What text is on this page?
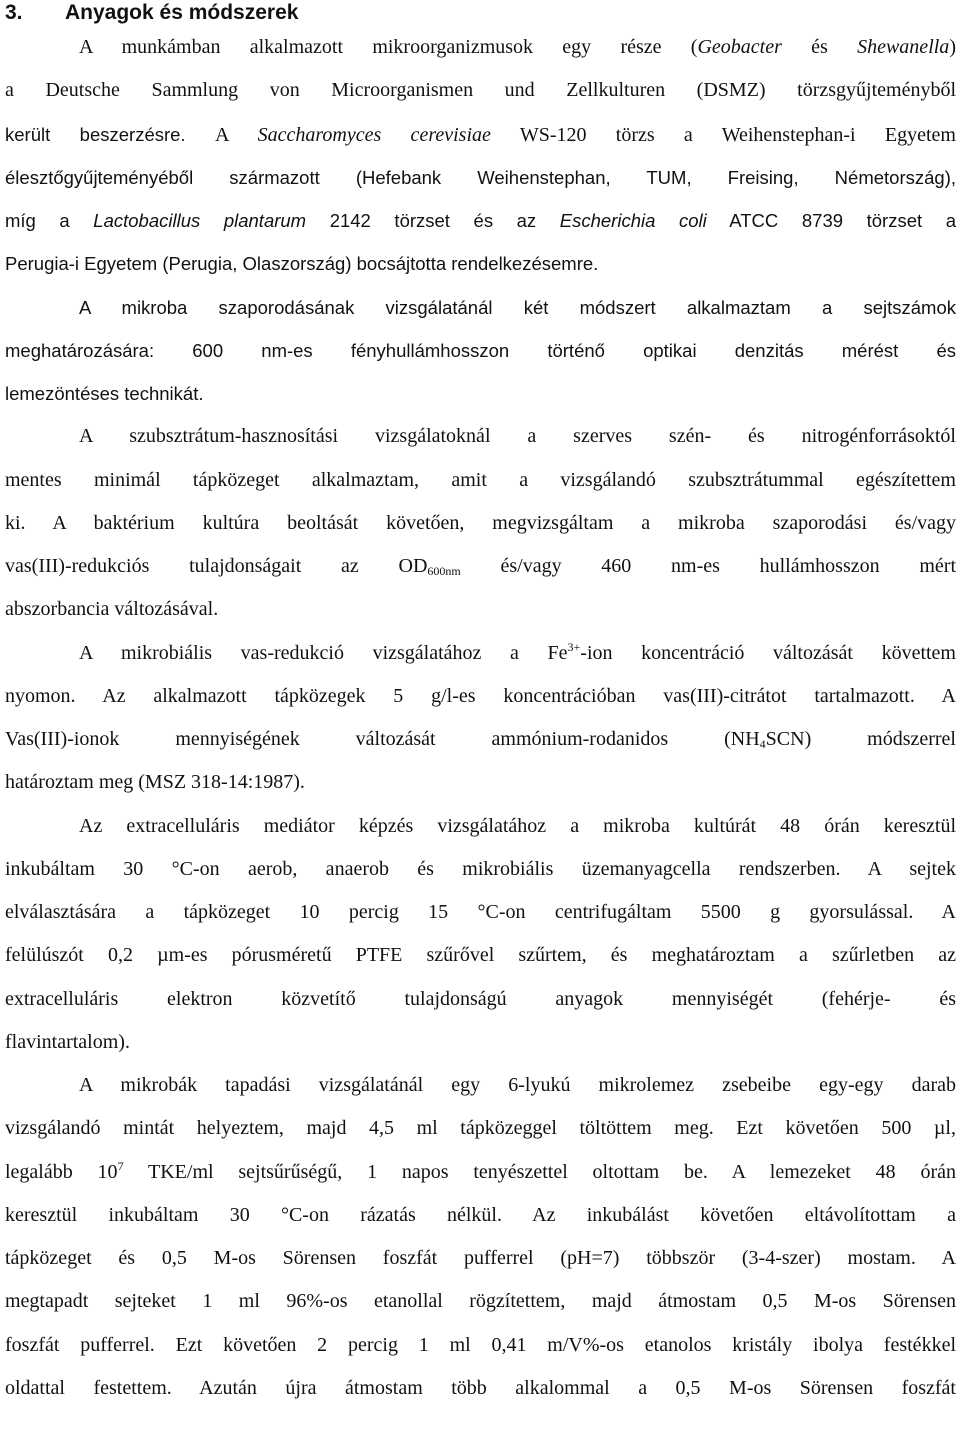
3. Anyagok és módszerek
A munkámban alkalmazott mikroorganizmusok egy része (Geobacter és Shewanella)
a Deutsche Sammlung von Microorganismen und Zellkulturen (DSMZ) törzsgyűjteményből
került beszerzésre. A Saccharomyces cerevisiae WS-120 törzs a Weihenstephan-i Egyetem
élesztőgyűjteményéből származott (Hefebank Weihenstephan, TUM, Freising, Németország),
míg a Lactobacillus plantarum 2142 törzset és az Escherichia coli ATCC 8739 törzset a
Perugia-i Egyetem (Perugia, Olaszország) bocsájtotta rendelkezésemre.
A mikroba szaporodásának vizsgálatánál két módszert alkalmaztam a sejtszámok
meghatározására: 600 nm-es fényhullámhosszon történő optikai denzitás mérést és
lemezöntéses technikát.
A szubsztrátum-hasznosítási vizsgálatoknál a szerves szén- és nitrogénforrásoktól
mentes minimál tápközeget alkalmaztam, amit a vizsgálandó szubsztrátummal egészítettem
ki. A baktérium kultúra beoltását követően, megvizsgáltam a mikroba szaporodási és/vagy
vas(III)-redukciós tulajdonságait az $OD_{600nm}$ és/vagy 460 nm-es hullámhosszon mért
abszorbancia változásával.
A mikrobiális vas-redukció vizsgálatához a $Fe^{3+}$-ion koncentráció változását követtem
nyomon. Az alkalmazott tápközegek 5 g/l-es koncentrációban vas(III)-citrátot tartalmazott. A
Vas(III)-ionok mennyiségének változását ammónium-rodanidos $(NH_4SCN)$ módszerrel
határoztam meg (MSZ 318-14:1987).
Az extracelluláris mediátor képzés vizsgálatához a mikroba kultúrát 48 órán keresztül
inkubáltam 30 °C-on aerob, anaerob és mikrobiális üzemanyagcella rendszerben. A sejtek
elválasztására a tápközeget 10 percig 15 °C-on centrifugáltam 5500 g gyorsulással. A
felülúszót 0,2 µm-es pórusméretű PTFE szűrővel szűrtem, és meghatároztam a szűrletben az
extracelluláris elektron közvetítő tulajdonságú anyagok mennyiségét (fehérje- és
flavintartalom).
A mikrobák tapadási vizsgálatánál egy 6-lyukú mikrolemez zsebeibe egy-egy darab
vizsgálandó mintát helyeztem, majd 4,5 ml tápközeggel töltöttem meg. Ezt követően 500 µl,
legalább $10^7$ TKE/ml sejtsűrűségű, 1 napos tenyészettel oltottam be. A lemezeket 48 órán
keresztül inkubáltam 30 °C-on rázatás nélkül. Az inkubálást követően eltávolítottam a
tápközeget és 0,5 M-os Sörensen foszfát pufferrel (pH=7) többször (3-4-szer) mostam. A
megtapadt sejteket 1 ml 96%-os etanollal rögzítettem, majd átmostam 0,5 M-os Sörensen
foszfát pufferrel. Ezt követően 2 percig 1 ml 0,41 m/V%-os etanolos kristály ibolya festékkel
oldattal festettem. Azután újra átmostam több alkalommal a 0,5 M-os Sörensen foszfát
